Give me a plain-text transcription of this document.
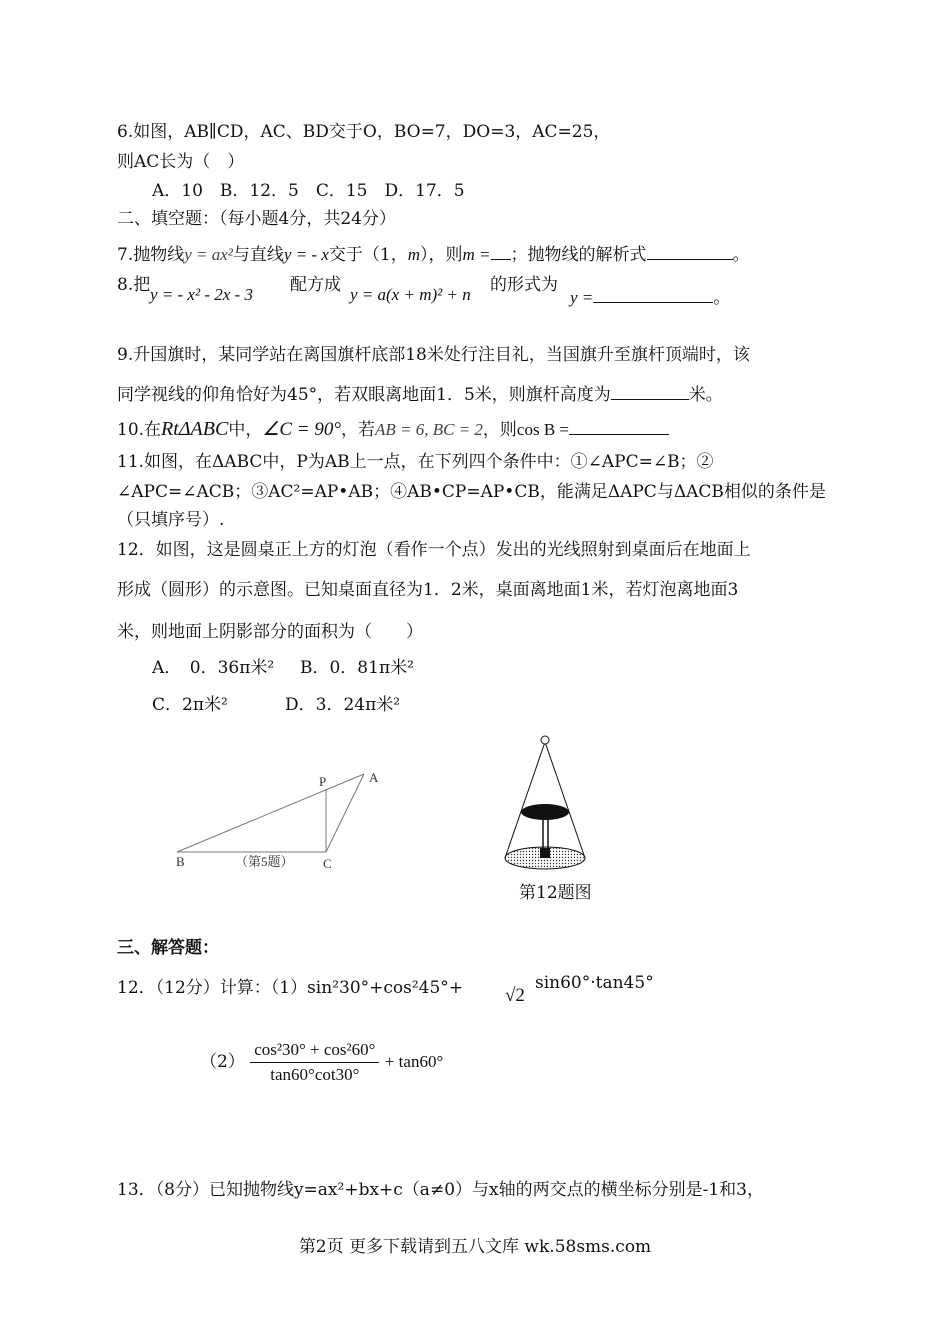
6.如图，AB∥CD，AC、BD交于O，BO=7，DO=3，AC=25，
则AC长为（　）
A．10　B．12．5　C．15　D．17．5
二、填空题：（每小题4分，共24分）
7.抛物线y = ax²与直线y = - x交于（1，m），则m = ；抛物线的解析式	。
8.把 y = - x² - 2x - 3 配方成 y = a(x + m)² + n 的形式为
y =	。
9.升国旗时，某同学站在离国旗杆底部18米处行注目礼，当国旗升至旗杆顶端时，该
同学视线的仰角恰好为45°，若双眼离地面1．5米，则旗杆高度为	米。
10.在RtΔABC中，∠C = 90°，若AB = 6, BC = 2，则cos B =
11.如图，在ΔABC中，P为AB上一点，在下列四个条件中：①∠APC=∠B；②
∠APC=∠ACB；③AC²=AP•AB；④AB•CP=AP•CB，能满足ΔAPC与ΔACB相似的条件是
（只填序号）.
12．如图，这是圆桌正上方的灯泡（看作一个点）发出的光线照射到桌面后在地面上
形成（圆形）的示意图。已知桌面直径为1．2米，桌面离地面1米，若灯泡离地面3
米，则地面上阴影部分的面积为（　　）
A．　0．36π米² B．0．81π米²
C．2π米²	D．3．24π米²
P	A
B	C
（第5题）
第12题图
三、解答题：
12．（12分）计算：（1）sin²30°+cos²45°+ √2
sin60°·tan45°
$(2) \frac{\text{cos²30° + cos²60°}}{\tan 60^\circ\cot 30^\circ} + \tan 60^\circ$
13．（8分）已知抛物线y=ax²+bx+c（a≠0）与x轴的两交点的横坐标分别是-1和3，
第2页 更多下载请到五八文库 wk.58sms.com
